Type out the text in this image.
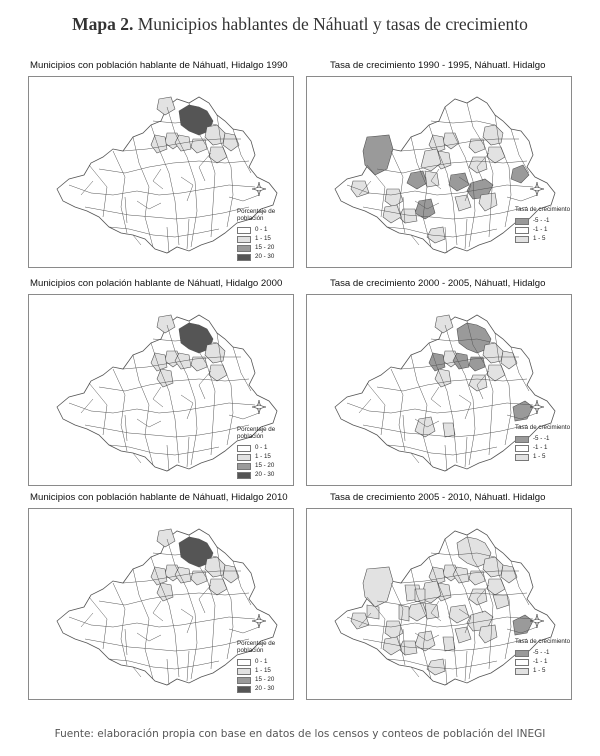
Mapa 2. Municipios hablantes de Náhuatl y tasas de crecimiento
Municipios con población hablante de Náhuatl, Hidalgo 1990
Porcentaje de
población
0 - 1
1 - 15
15 - 20
20 - 30
Tasa de crecimiento 1990 - 1995, Náhuatl. Hidalgo
Tasa de crecimiento
-5 - -1
-1 - 1
1 - 5
Municipios con polación hablante de Náhuatl, Hidalgo 2000
Porcentaje de
población
0 - 1
1 - 15
15 - 20
20 - 30
Tasa de crecimiento 2000 - 2005, Náhuatl, Hidalgo
Tasa de crecimiento
-5 - -1
-1 - 1
1 - 5
Municipios con población hablante de Náhuatl, Hidalgo 2010
Porcentaje de
población
0 - 1
1 - 15
15 - 20
20 - 30
Tasa de crecimiento 2005 - 2010, Náhuatl. Hidalgo
Tasa de crecimiento
-5 - -1
-1 - 1
1 - 5
Fuente: elaboración propia con base en datos de los censos y conteos de población del INEGI
